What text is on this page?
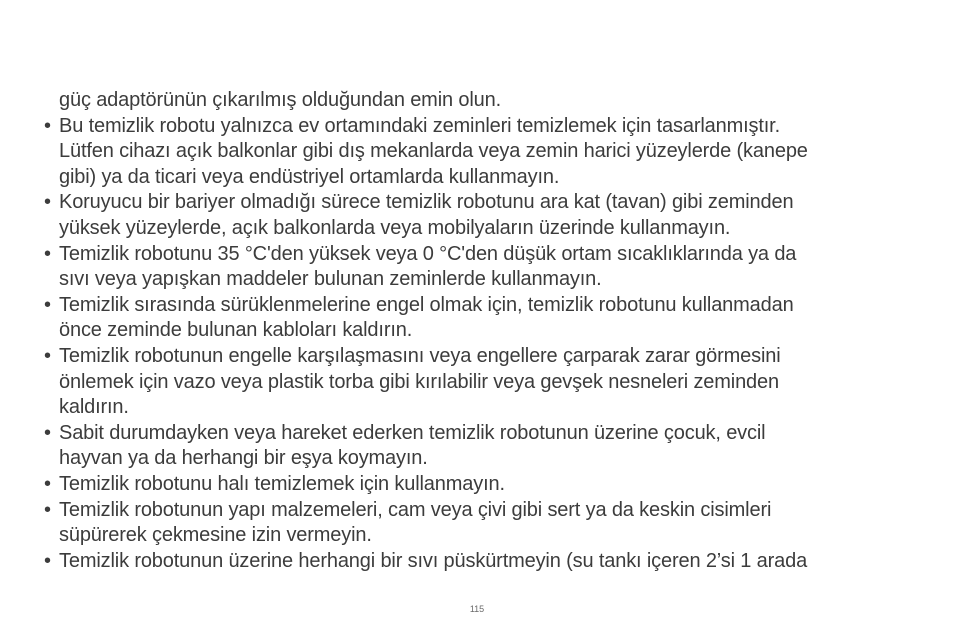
güç adaptörünün çıkarılmış olduğundan emin olun.
• Bu temizlik robotu yalnızca ev ortamındaki zeminleri temizlemek için tasarlanmıştır.
Lütfen cihazı açık balkonlar gibi dış mekanlarda veya zemin harici yüzeylerde (kanepe
gibi) ya da ticari veya endüstriyel ortamlarda kullanmayın.
• Koruyucu bir bariyer olmadığı sürece temizlik robotunu ara kat (tavan) gibi zeminden
yüksek yüzeylerde, açık balkonlarda veya mobilyaların üzerinde kullanmayın.
• Temizlik robotunu 35 °C'den yüksek veya 0 °C'den düşük ortam sıcaklıklarında ya da
sıvı veya yapışkan maddeler bulunan zeminlerde kullanmayın.
• Temizlik sırasında sürüklenmelerine engel olmak için, temizlik robotunu kullanmadan
önce zeminde bulunan kabloları kaldırın.
• Temizlik robotunun engelle karşılaşmasını veya engellere çarparak zarar görmesini
önlemek için vazo veya plastik torba gibi kırılabilir veya gevşek nesneleri zeminden
kaldırın.
• Sabit durumdayken veya hareket ederken temizlik robotunun üzerine çocuk, evcil
hayvan ya da herhangi bir eşya koymayın.
• Temizlik robotunu halı temizlemek için kullanmayın.
• Temizlik robotunun yapı malzemeleri, cam veya çivi gibi sert ya da keskin cisimleri
süpürerek çekmesine izin vermeyin.
• Temizlik robotunun üzerine herhangi bir sıvı püskürtmeyin (su tankı içeren 2’si 1 arada
115
